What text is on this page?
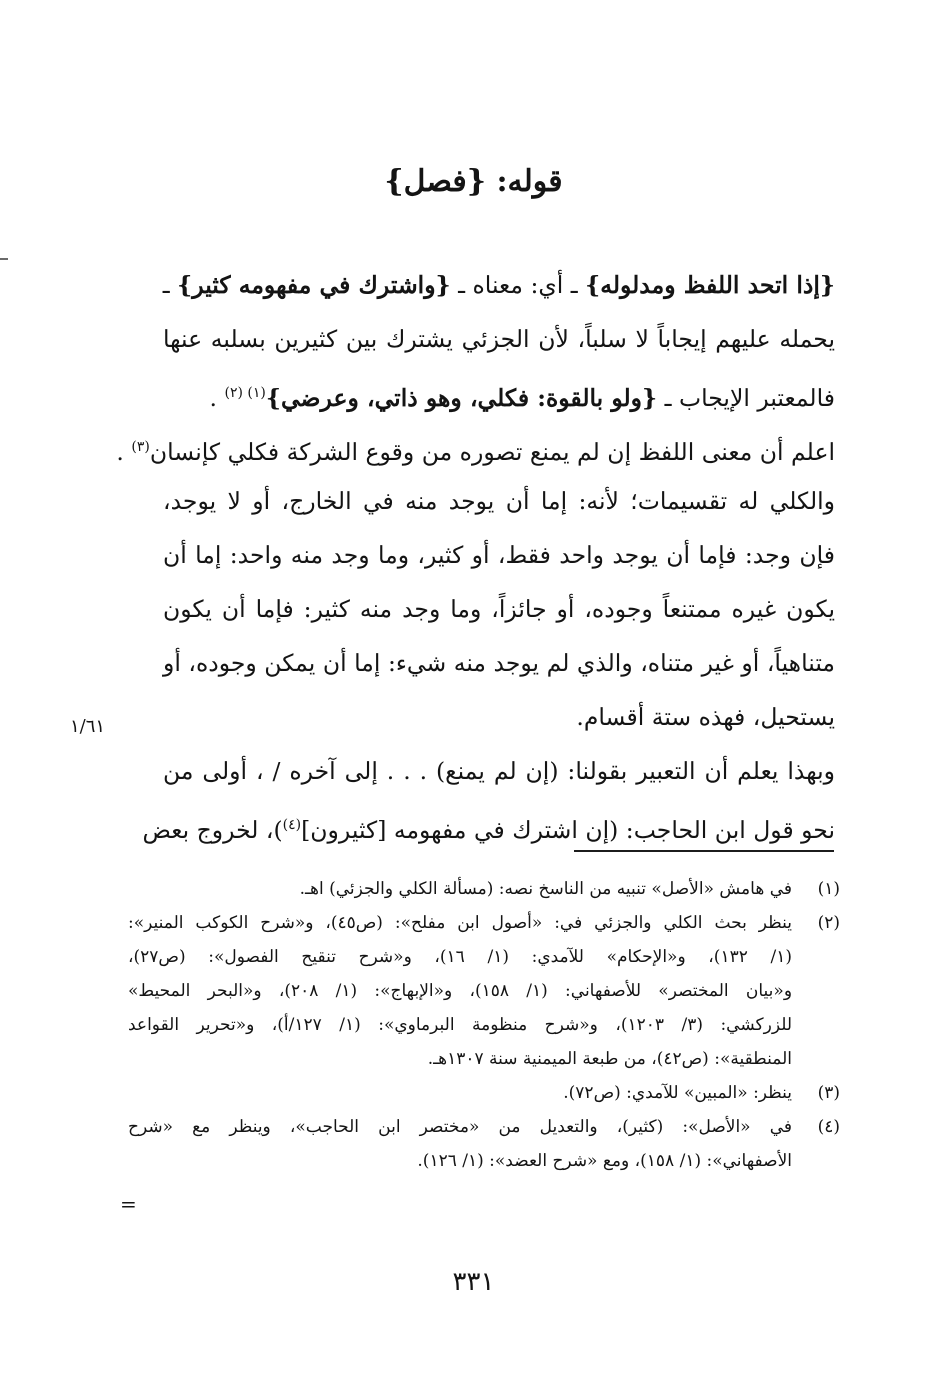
قوله: {فصل}
{إذا اتحد اللفظ ومدلوله} ـ أي: معناه ـ {واشترك في مفهومه كثير} ـ
يحمله عليهم إيجاباً لا سلباً، لأن الجزئي يشترك بين كثيرين بسلبه عنها
فالمعتبر الإيجاب ـ {ولو بالقوة: فكلي، وهو ذاتي، وعرضي}$^{(١) (٢)}$ .
اعلم أن معنى اللفظ إن لم يمنع تصوره من وقوع الشركة فكلي كإنسان$^{(٣)}$ .
والكلي له تقسيمات؛ لأنه: إما أن يوجد منه في الخارج، أو لا يوجد،
فإن وجد: فإما أن يوجد واحد فقط، أو كثير، وما وجد منه واحد: إما أن
يكون غيره ممتنعاً وجوده، أو جائزاً، وما وجد منه كثير: فإما أن يكون
متناهياً، أو غير متناه، والذي لم يوجد منه شيء: إما أن يمكن وجوده، أو
يستحيل، فهذه ستة أقسام.
وبهذا يعلم أن التعبير بقولنا: (إن لم يمنع) . . . إلى آخره / ، أولى من
نحو قول ابن الحاجب: (إن اشترك في مفهومه [كثيرون]$^{(٤)}$)، لخروج بعض
١/٦١
(١)
في هامش «الأصل» تنبيه من الناسخ نصه: (مسألة الكلي والجزئي) اهـ.
(٢)
ينظر بحث الكلي والجزئي في: «أصول ابن مفلح»: (ص٤٥)، و«شرح الكوكب المنير»:
(١/ ١٣٢)، و«الإحكام» للآمدي: (١/ ١٦)، و«شرح تنقيح الفصول»: (ص٢٧)،
و«بيان المختصر» للأصفهاني: (١/ ١٥٨)، و«الإبهاج»: (١/ ٢٠٨)، و«البحر المحيط»
للزركشي: (٣/ ١٢٠٣)، و«شرح منظومة البرماوي»: (١/ ١٢٧/أ)، و«تحرير القواعد
المنطقية»: (ص٤٢)، من طبعة الميمنية سنة ١٣٠٧هـ.
(٣)
ينظر: «المبين» للآمدي: (ص٧٢).
(٤)
في «الأصل»: (كثير)، والتعديل من «مختصر ابن الحاجب»، وينظر مع «شرح
الأصفهاني»: (١/ ١٥٨)، ومع «شرح العضد»: (١/ ١٢٦).
=
٣٣١
